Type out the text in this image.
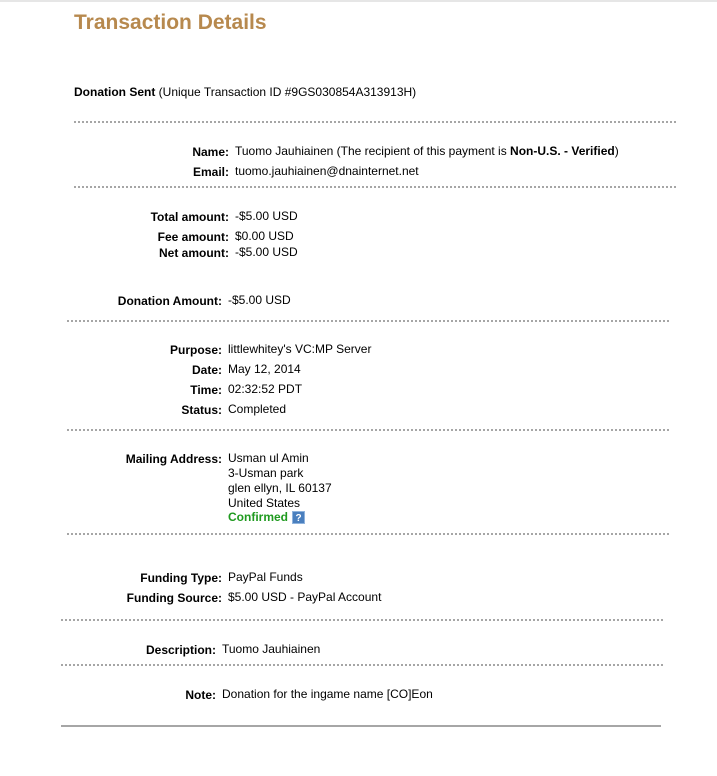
Transaction Details
Donation Sent (Unique Transaction ID #9GS030854A313913H)
Name: Tuomo Jauhiainen (The recipient of this payment is Non-U.S. - Verified)
Email: tuomo.jauhiainen@dnainternet.net
Total amount: -$5.00 USD
Fee amount: $0.00 USD
Net amount: -$5.00 USD
Donation Amount: -$5.00 USD
Purpose: littlewhitey's VC:MP Server
Date: May 12, 2014
Time: 02:32:52 PDT
Status: Completed
Mailing Address: Usman ul Amin
3-Usman park
glen ellyn, IL 60137
United States
Confirmed ?
Funding Type: PayPal Funds
Funding Source: $5.00 USD - PayPal Account
Description: Tuomo Jauhiainen
Note: Donation for the ingame name [CO]Eon
